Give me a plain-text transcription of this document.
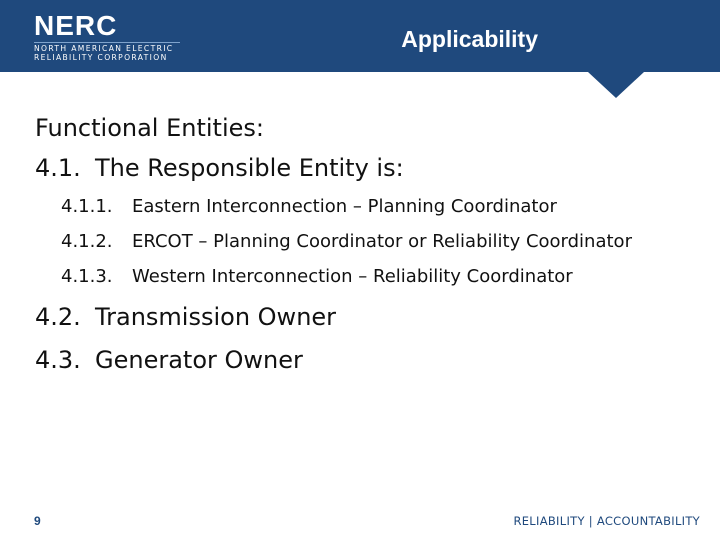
NERC
NORTH AMERICAN ELECTRIC
RELIABILITY CORPORATION
Applicability
Functional Entities:
4.1. The Responsible Entity is:
4.1.1. Eastern Interconnection – Planning Coordinator
4.1.2. ERCOT – Planning Coordinator or Reliability Coordinator
4.1.3. Western Interconnection – Reliability Coordinator
4.2. Transmission Owner
4.3. Generator Owner
9	RELIABILITY | ACCOUNTABILITY
